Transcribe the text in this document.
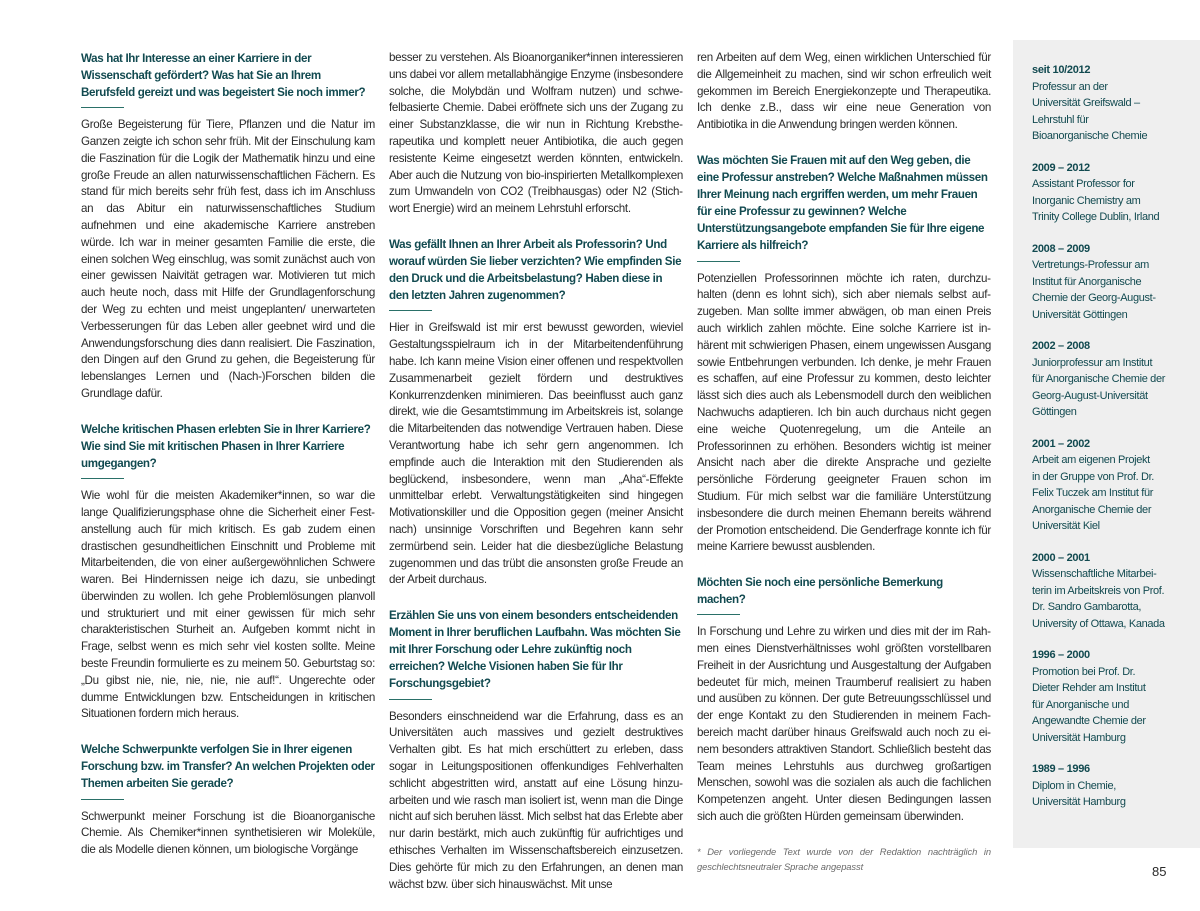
Was hat Ihr Interesse an einer Karriere in der Wissenschaft gefördert? Was hat Sie an Ihrem Berufsfeld gereizt und was begeistert Sie noch immer?

Große Begeisterung für Tiere, Pflanzen und die Natur im Ganzen zeigte ich schon sehr früh. Mit der Einschulung kam die Faszination für die Logik der Mathematik hinzu und eine große Freude an allen naturwissenschaftlichen Fächern. Es stand für mich bereits sehr früh fest, dass ich im Anschluss an das Abitur ein naturwissenschaftliches Studium aufnehmen und eine akademische Karriere anstreben würde. Ich war in meiner gesamten Familie die erste, die einen solchen Weg einschlug, was somit zunächst auch von einer gewissen Naivität getragen war. Motivieren tut mich auch heute noch, dass mit Hilfe der Grundlagenforschung der Weg zu echten und meist ungeplanten/ unerwarteten Verbesserungen für das Leben aller geebnet wird und die Anwendungsforschung dies dann realisiert. Die Faszination, den Dingen auf den Grund zu gehen, die Begeisterung für lebenslanges Lernen und (Nach-)Forschen bilden die Grundlage dafür.

Welche kritischen Phasen erlebten Sie in Ihrer Karriere? Wie sind Sie mit kritischen Phasen in Ihrer Karriere umgegangen?

Wie wohl für die meisten Akademiker*innen, so war die lange Qualifizierungsphase ohne die Sicherheit einer Festanstellung auch für mich kritisch. Es gab zudem einen drastischen gesundheitlichen Einschnitt und Probleme mit Mitarbeitenden, die von einer außergewöhnlichen Schwere waren. Bei Hindernissen neige ich dazu, sie unbedingt überwinden zu wollen. Ich gehe Problemlösungen planvoll und strukturiert und mit einer gewissen für mich sehr charakteristischen Sturheit an. Aufgeben kommt nicht in Frage, selbst wenn es mich sehr viel kosten sollte. Meine beste Freundin formulierte es zu meinem 50. Geburtstag so: „Du gibst nie, nie, nie, nie, nie auf!“. Ungerechte oder dumme Entwicklungen bzw. Entscheidungen in kritischen Situationen fordern mich heraus.

Welche Schwerpunkte verfolgen Sie in Ihrer eigenen Forschung bzw. im Transfer? An welchen Projekten oder Themen arbeiten Sie gerade?

Schwerpunkt meiner Forschung ist die Bioanorganische Chemie. Als Chemiker*innen synthetisieren wir Moleküle, die als Modelle dienen können, um biologische Vorgänge

besser zu verstehen. Als Bioanorganiker*innen interessieren uns dabei vor allem metallabhängige Enzyme (insbesondere solche, die Molybdän und Wolfram nutzen) und schwefelbasierte Chemie. Dabei eröffnete sich uns der Zugang zu einer Substanzklasse, die wir nun in Richtung Krebstherapeutika und komplett neuer Antibiotika, die auch gegen resistente Keime eingesetzt werden könnten, entwickeln. Aber auch die Nutzung von bio-inspirierten Metallkomplexen zum Umwandeln von CO2 (Treibhausgas) oder N2 (Stichwort Energie) wird an meinem Lehrstuhl erforscht.

Was gefällt Ihnen an Ihrer Arbeit als Professorin? Und worauf würden Sie lieber verzichten? Wie empfinden Sie den Druck und die Arbeitsbelastung? Haben diese in den letzten Jahren zugenommen?

Hier in Greifswald ist mir erst bewusst geworden, wieviel Gestaltungsspielraum ich in der Mitarbeitendenführung habe. Ich kann meine Vision einer offenen und respektvollen Zusammenarbeit gezielt fördern und destruktives Konkurrenzdenken minimieren. Das beeinflusst auch ganz direkt, wie die Gesamtstimmung im Arbeitskreis ist, solange die Mitarbeitenden das notwendige Vertrauen haben. Diese Verantwortung habe ich sehr gern angenommen. Ich empfinde auch die Interaktion mit den Studierenden als beglückend, insbesondere, wenn man „Aha“-Effekte unmittelbar erlebt. Verwaltungstätigkeiten sind hingegen Motivationskiller und die Opposition gegen (meiner Ansicht nach) unsinnige Vorschriften und Begehren kann sehr zermürbend sein. Leider hat die diesbezügliche Belastung zugenommen und das trübt die ansonsten große Freude an der Arbeit durchaus.

Erzählen Sie uns von einem besonders entscheidenden Moment in Ihrer beruflichen Laufbahn. Was möchten Sie mit Ihrer Forschung oder Lehre zukünftig noch erreichen? Welche Visionen haben Sie für Ihr Forschungsgebiet?

Besonders einschneidend war die Erfahrung, dass es an Universitäten auch massives und gezielt destruktives Verhalten gibt. Es hat mich erschüttert zu erleben, dass sogar in Leitungspositionen offenkundiges Fehlverhalten schlicht abgestritten wird, anstatt auf eine Lösung hinzuarbeiten und wie rasch man isoliert ist, wenn man die Dinge nicht auf sich beruhen lässt. Mich selbst hat das Erlebte aber nur darin bestärkt, mich auch zukünftig für aufrichtiges und ethisches Verhalten im Wissenschaftsbereich einzusetzen. Dies gehörte für mich zu den Erfahrungen, an denen man wächst bzw. über sich hinauswächst. Mit unse

ren Arbeiten auf dem Weg, einen wirklichen Unterschied für die Allgemeinheit zu machen, sind wir schon erfreulich weit gekommen im Bereich Energiekonzepte und Therapeutika. Ich denke z.B., dass wir eine neue Generation von Antibiotika in die Anwendung bringen werden können.

Was möchten Sie Frauen mit auf den Weg geben, die eine Professur anstreben? Welche Maßnahmen müssen Ihrer Meinung nach ergriffen werden, um mehr Frauen für eine Professur zu gewinnen? Welche Unterstützungsangebote empfanden Sie für Ihre eigene Karriere als hilfreich?

Potenziellen Professorinnen möchte ich raten, durchzuhalten (denn es lohnt sich), sich aber niemals selbst aufzugeben. Man sollte immer abwägen, ob man einen Preis auch wirklich zahlen möchte. Eine solche Karriere ist inhärent mit schwierigen Phasen, einem ungewissen Ausgang sowie Entbehrungen verbunden. Ich denke, je mehr Frauen es schaffen, auf eine Professur zu kommen, desto leichter lässt sich dies auch als Lebensmodell durch den weiblichen Nachwuchs adaptieren. Ich bin auch durchaus nicht gegen eine weiche Quotenregelung, um die Anteile an Professorinnen zu erhöhen. Besonders wichtig ist meiner Ansicht nach aber die direkte Ansprache und gezielte persönliche Förderung geeigneter Frauen schon im Studium. Für mich selbst war die familiäre Unterstützung insbesondere die durch meinen Ehemann bereits während der Promotion entscheidend. Die Genderfrage konnte ich für meine Karriere bewusst ausblenden.

Möchten Sie noch eine persönliche Bemerkung machen?

In Forschung und Lehre zu wirken und dies mit der im Rahmen eines Dienstverhältnisses wohl größten vorstellbaren Freiheit in der Ausrichtung und Ausgestaltung der Aufgaben bedeutet für mich, meinen Traumberuf realisiert zu haben und ausüben zu können. Der gute Betreuungsschlüssel und der enge Kontakt zu den Studierenden in meinem Fachbereich macht darüber hinaus Greifswald auch noch zu einem besonders attraktiven Standort. Schließlich besteht das Team meines Lehrstuhls aus durchweg großartigen Menschen, sowohl was die sozialen als auch die fachlichen Kompetenzen angeht. Unter diesen Bedingungen lassen sich auch die größten Hürden gemeinsam überwinden.

* Der vorliegende Text wurde von der Redaktion nachträglich in geschlechtsneutraler Sprache angepasst

seit 10/2012

Professur an der
Universität Greifswald –
Lehrstuhl für
Bioanorganische Chemie

2009 – 2012

Assistant Professor for
Inorganic Chemistry am
Trinity College Dublin, Irland

2008 – 2009

Vertretungs-Professur am
Institut für Anorganische
Chemie der Georg-August-
Universität Göttingen

2002 – 2008

Juniorprofessur am Institut
für Anorganische Chemie der
Georg-August-Universität
Göttingen

2001 – 2002

Arbeit am eigenen Projekt
in der Gruppe von Prof. Dr.
Felix Tuczek am Institut für
Anorganische Chemie der
Universität Kiel

2000 – 2001

Wissenschaftliche Mitarbei-
terin im Arbeitskreis von Prof.
Dr. Sandro Gambarotta,
University of Ottawa, Kanada

1996 – 2000

Promotion bei Prof. Dr.
Dieter Rehder am Institut
für Anorganische und
Angewandte Chemie der
Universität Hamburg

1989 – 1996

Diplom in Chemie,
Universität Hamburg

85
